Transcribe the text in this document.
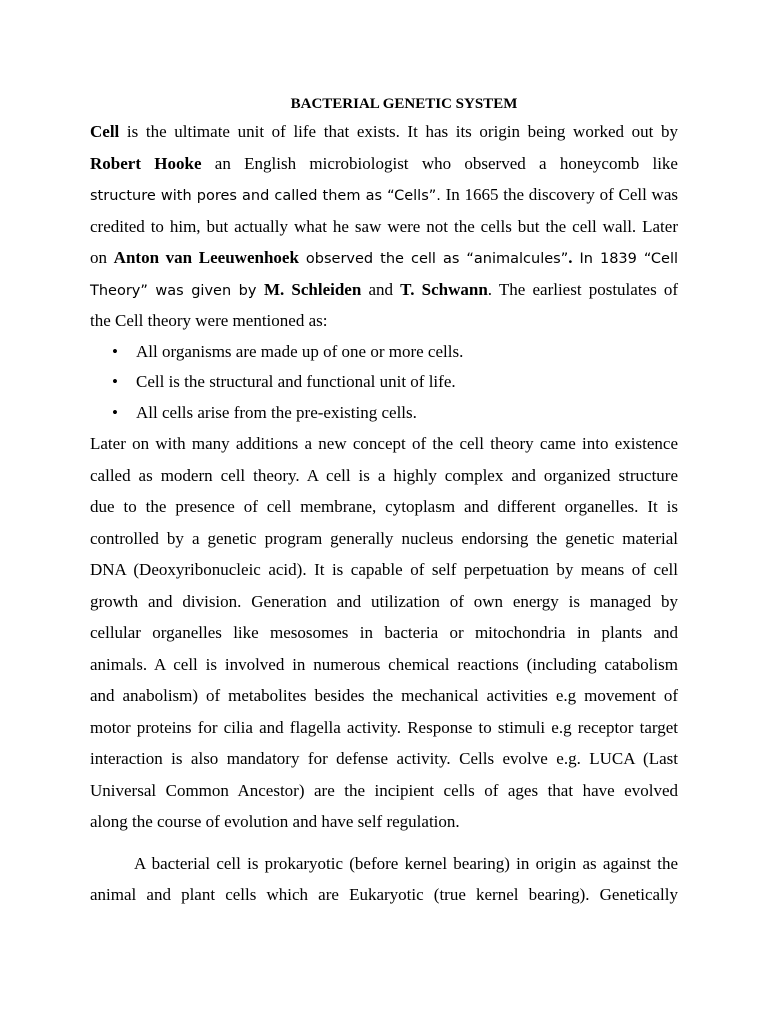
BACTERIAL GENETIC SYSTEM

Cell is the ultimate unit of life that exists. It has its origin being worked out by
Robert Hooke an English microbiologist who observed a honeycomb like
structure with pores and called them as “Cells”. In 1665 the discovery of Cell was
credited to him, but actually what he saw were not the cells but the cell wall. Later
on Anton van Leeuwenhoek observed the cell as “animalcules”. In 1839 “Cell
Theory” was given by M. Schleiden and T. Schwann. The earliest postulates of
the Cell theory were mentioned as:

• All organisms are made up of one or more cells.
• Cell is the structural and functional unit of life.
• All cells arise from the pre-existing cells.

Later on with many additions a new concept of the cell theory came into existence
called as modern cell theory. A cell is a highly complex and organized structure
due to the presence of cell membrane, cytoplasm and different organelles. It is
controlled by a genetic program generally nucleus endorsing the genetic material
DNA (Deoxyribonucleic acid). It is capable of self perpetuation by means of cell
growth and division. Generation and utilization of own energy is managed by
cellular organelles like mesosomes in bacteria or mitochondria in plants and
animals. A cell is involved in numerous chemical reactions (including catabolism
and anabolism) of metabolites besides the mechanical activities e.g movement of
motor proteins for cilia and flagella activity. Response to stimuli e.g receptor target
interaction is also mandatory for defense activity. Cells evolve e.g. LUCA (Last
Universal Common Ancestor) are the incipient cells of ages that have evolved
along the course of evolution and have self regulation.

A bacterial cell is prokaryotic (before kernel bearing) in origin as against the
animal and plant cells which are Eukaryotic (true kernel bearing). Genetically
